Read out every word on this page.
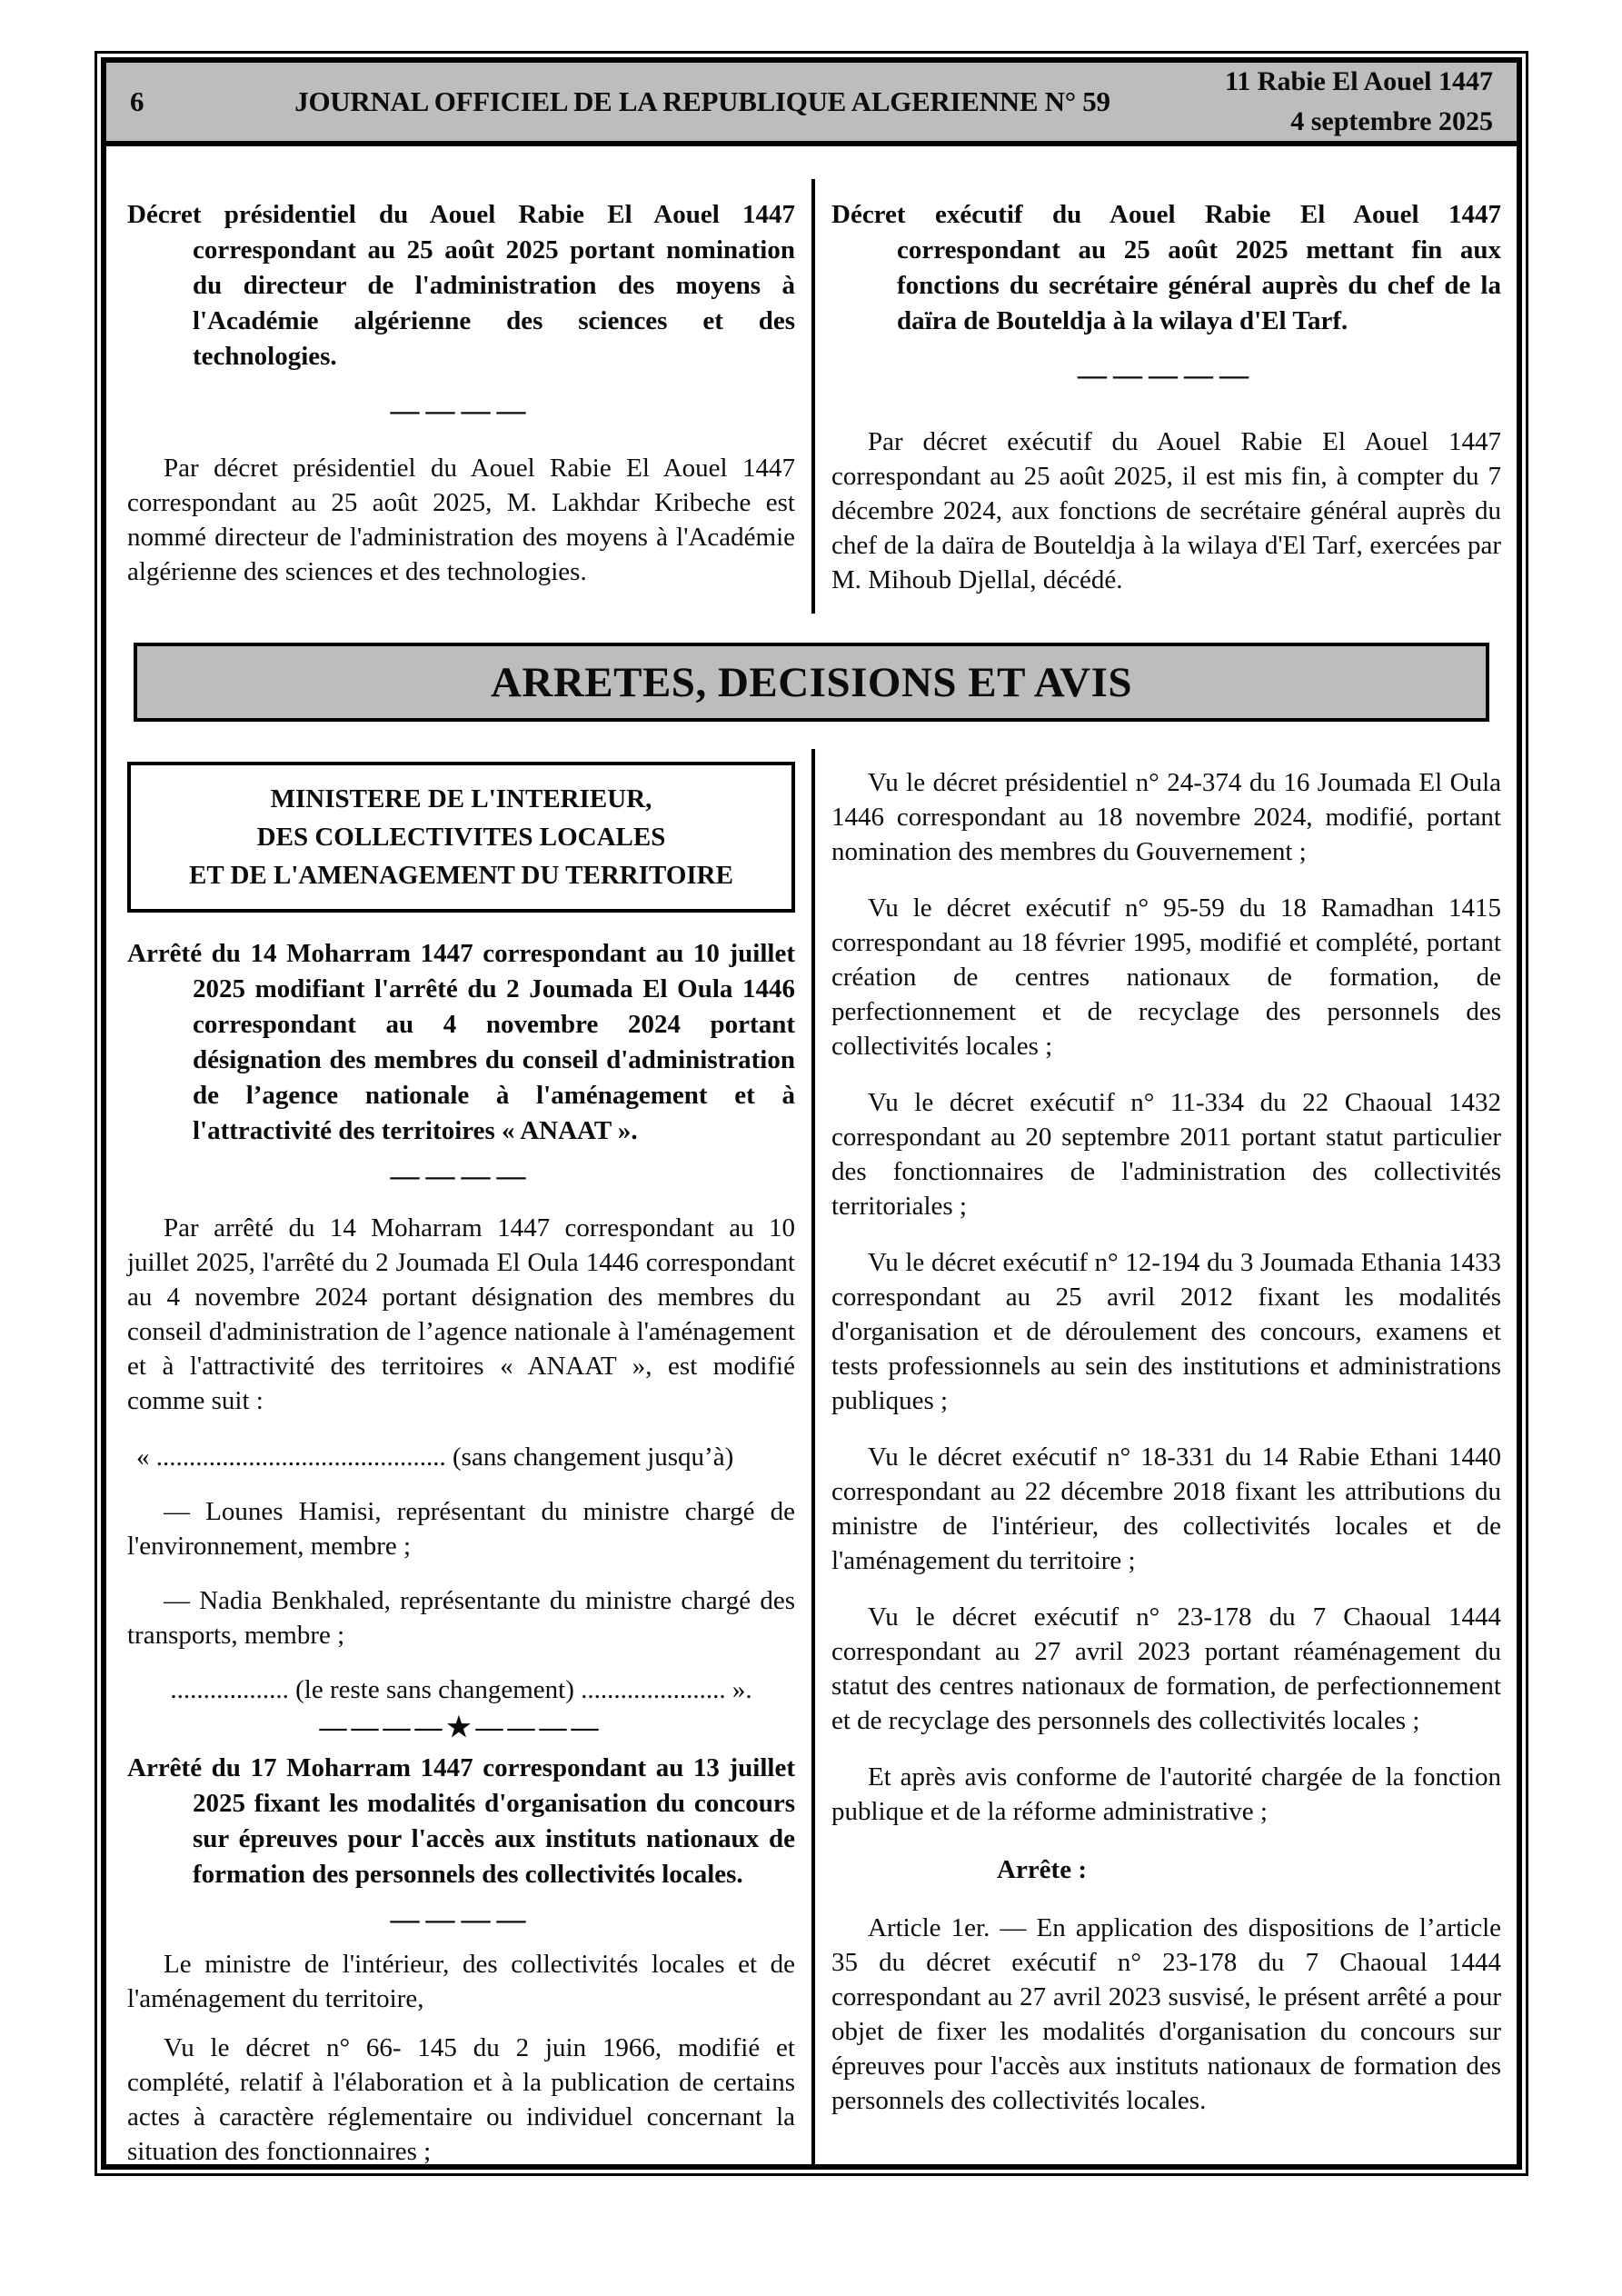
6	JOURNAL OFFICIEL DE LA REPUBLIQUE ALGERIENNE N° 59
11 Rabie El Aouel 1447
4 septembre 2025
Décret présidentiel du Aouel Rabie El Aouel 1447 correspondant au 25 août 2025 portant nomination du directeur de l'administration des moyens à l'Académie algérienne des sciences et des technologies.
————
Par décret présidentiel du Aouel Rabie El Aouel 1447 correspondant au 25 août 2025, M. Lakhdar Kribeche est nommé directeur de l'administration des moyens à l'Académie algérienne des sciences et des technologies.
Décret exécutif du Aouel Rabie El Aouel 1447 correspondant au 25 août 2025 mettant fin aux fonctions du secrétaire général auprès du chef de la daïra de Bouteldja à la wilaya d'El Tarf.
—————
Par décret exécutif du Aouel Rabie El Aouel 1447 correspondant au 25 août 2025, il est mis fin, à compter du 7 décembre 2024, aux fonctions de secrétaire général auprès du chef de la daïra de Bouteldja à la wilaya d'El Tarf, exercées par M. Mihoub Djellal, décédé.
ARRETES, DECISIONS ET AVIS
MINISTERE DE L'INTERIEUR,
DES COLLECTIVITES LOCALES
ET DE L'AMENAGEMENT DU TERRITOIRE
Arrêté du 14 Moharram 1447 correspondant au 10 juillet 2025 modifiant l'arrêté du 2 Joumada El Oula 1446 correspondant au 4 novembre 2024 portant désignation des membres du conseil d'administration de l’agence nationale à l'aménagement et à l'attractivité des territoires « ANAAT ».
————
Par arrêté du 14 Moharram 1447 correspondant au 10 juillet 2025, l'arrêté du 2 Joumada El Oula 1446 correspondant au 4 novembre 2024 portant désignation des membres du conseil d'administration de l’agence nationale à l'aménagement et à l'attractivité des territoires « ANAAT », est modifié comme suit :
« ............................................ (sans changement jusqu’à)
— Lounes Hamisi, représentant du ministre chargé de l'environnement, membre ;
— Nadia Benkhaled, représentante du ministre chargé des transports, membre ;
.................. (le reste sans changement) ...................... ».
————★————
Arrêté du 17 Moharram 1447 correspondant au 13 juillet 2025 fixant les modalités d'organisation du concours sur épreuves pour l'accès aux instituts nationaux de formation des personnels des collectivités locales.
————
Le ministre de l'intérieur, des collectivités locales et de l'aménagement du territoire,
Vu le décret n° 66- 145 du 2 juin 1966, modifié et complété, relatif à l'élaboration et à la publication de certains actes à caractère réglementaire ou individuel concernant la situation des fonctionnaires ;
Vu le décret présidentiel n° 24-374 du 16 Joumada El Oula 1446 correspondant au 18 novembre 2024, modifié, portant nomination des membres du Gouvernement ;
Vu le décret exécutif n° 95-59 du 18 Ramadhan 1415 correspondant au 18 février 1995, modifié et complété, portant création de centres nationaux de formation, de perfectionnement et de recyclage des personnels des collectivités locales ;
Vu le décret exécutif n° 11-334 du 22 Chaoual 1432 correspondant au 20 septembre 2011 portant statut particulier des fonctionnaires de l'administration des collectivités territoriales ;
Vu le décret exécutif n° 12-194 du 3 Joumada Ethania 1433 correspondant au 25 avril 2012 fixant les modalités d'organisation et de déroulement des concours, examens et tests professionnels au sein des institutions et administrations publiques ;
Vu le décret exécutif n° 18-331 du 14 Rabie Ethani 1440 correspondant au 22 décembre 2018 fixant les attributions du ministre de l'intérieur, des collectivités locales et de l'aménagement du territoire ;
Vu le décret exécutif n° 23-178 du 7 Chaoual 1444 correspondant au 27 avril 2023 portant réaménagement du statut des centres nationaux de formation, de perfectionnement et de recyclage des personnels des collectivités locales ;
Et après avis conforme de l'autorité chargée de la fonction publique et de la réforme administrative ;
Arrête :
Article 1er. — En application des dispositions de l’article 35 du décret exécutif n° 23-178 du 7 Chaoual 1444 correspondant au 27 avril 2023 susvisé, le présent arrêté a pour objet de fixer les modalités d'organisation du concours sur épreuves pour l'accès aux instituts nationaux de formation des personnels des collectivités locales.
